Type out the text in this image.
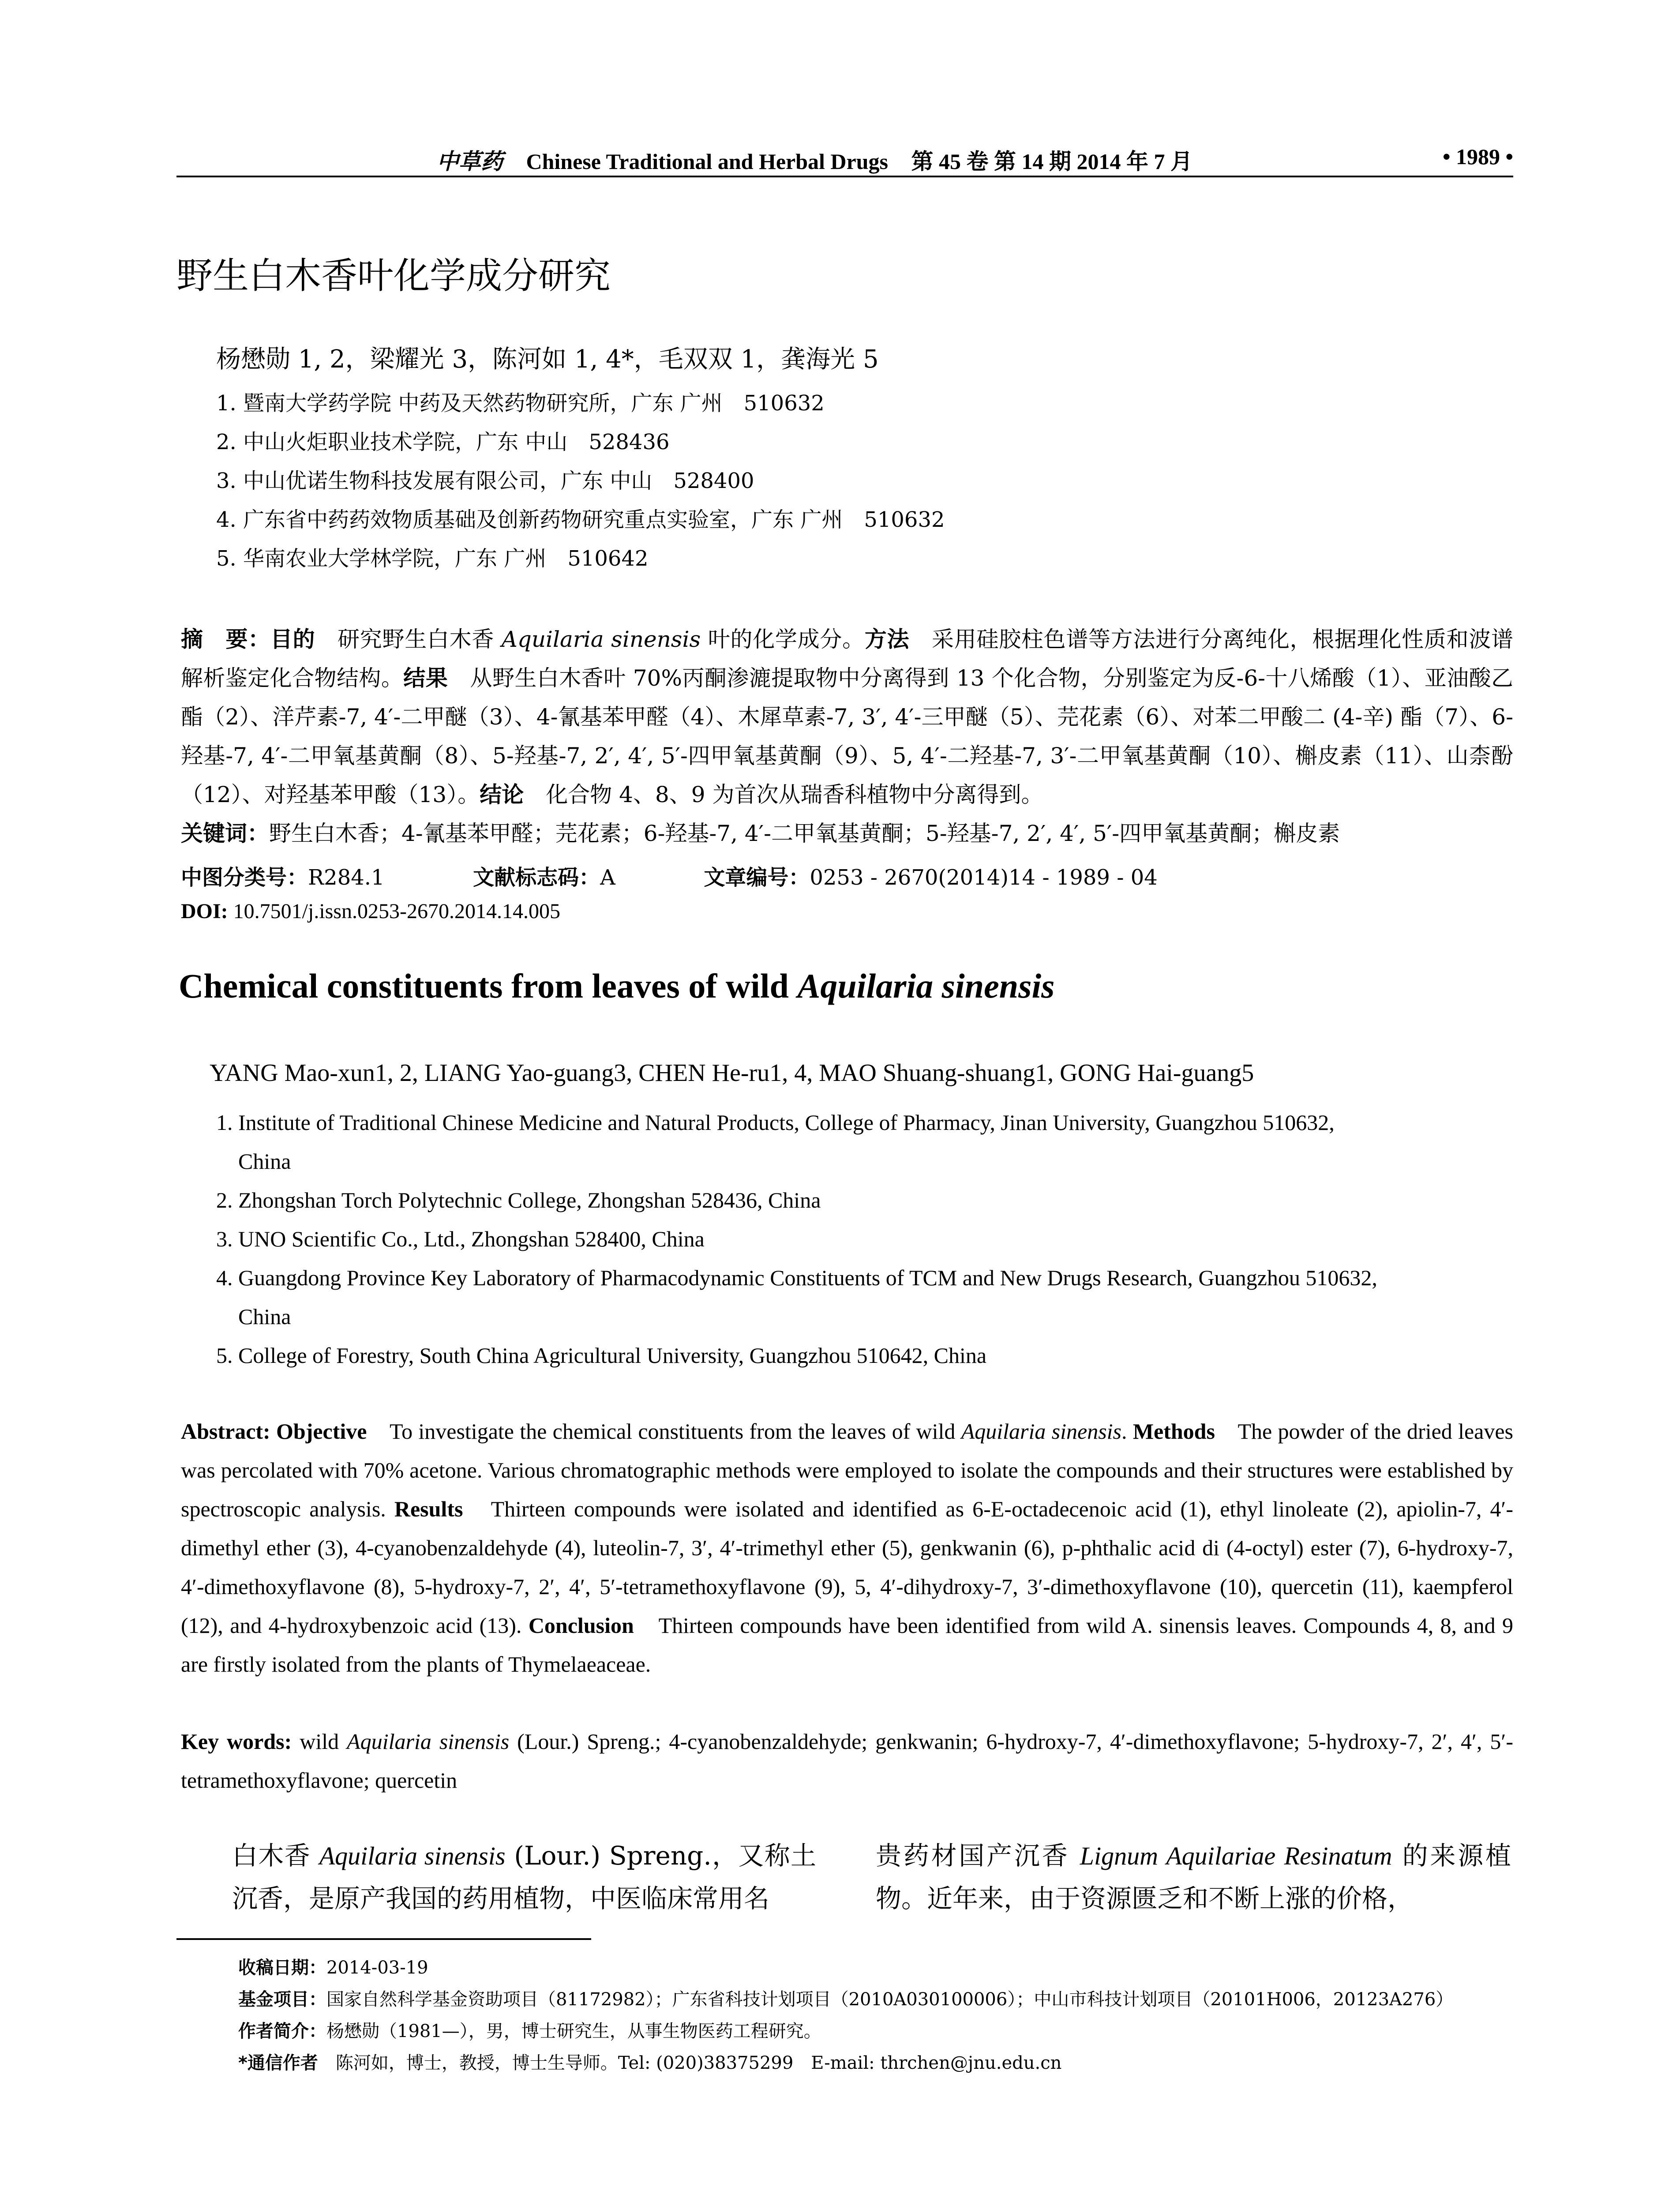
中草药 Chinese Traditional and Herbal Drugs 第 45 卷 第 14 期 2014 年 7 月	• 1989 •
野生白木香叶化学成分研究
杨懋勋 1, 2，梁耀光 3，陈河如 1, 4*，毛双双 1，龚海光 5
1. 暨南大学药学院 中药及天然药物研究所，广东 广州　510632
2. 中山火炬职业技术学院，广东 中山　528436
3. 中山优诺生物科技发展有限公司，广东 中山　528400
4. 广东省中药药效物质基础及创新药物研究重点实验室，广东 广州　510632
5. 华南农业大学林学院，广东 广州　510642
摘　要：目的　研究野生白木香 Aquilaria sinensis 叶的化学成分。方法　采用硅胶柱色谱等方法进行分离纯化，根据理化性质和波谱解析鉴定化合物结构。结果　从野生白木香叶 70%丙酮渗漉提取物中分离得到 13 个化合物，分别鉴定为反-6-十八烯酸（1）、亚油酸乙酯（2）、洋芹素-7, 4′-二甲醚（3）、4-氰基苯甲醛（4）、木犀草素-7, 3′, 4′-三甲醚（5）、芫花素（6）、对苯二甲酸二 (4-辛) 酯（7）、6-羟基-7, 4′-二甲氧基黄酮（8）、5-羟基-7, 2′, 4′, 5′-四甲氧基黄酮（9）、5, 4′-二羟基-7, 3′-二甲氧基黄酮（10）、槲皮素（11）、山柰酚（12）、对羟基苯甲酸（13）。结论　化合物 4、8、9 为首次从瑞香科植物中分离得到。
关键词：野生白木香；4-氰基苯甲醛；芫花素；6-羟基-7, 4′-二甲氧基黄酮；5-羟基-7, 2′, 4′, 5′-四甲氧基黄酮；槲皮素
中图分类号：R284.1	文献标志码：A	文章编号：0253 - 2670(2014)14 - 1989 - 04
DOI: 10.7501/j.issn.0253-2670.2014.14.005
Chemical constituents from leaves of wild Aquilaria sinensis
YANG Mao-xun1, 2, LIANG Yao-guang3, CHEN He-ru1, 4, MAO Shuang-shuang1, GONG Hai-guang5
1. Institute of Traditional Chinese Medicine and Natural Products, College of Pharmacy, Jinan University, Guangzhou 510632,
China
2. Zhongshan Torch Polytechnic College, Zhongshan 528436, China
3. UNO Scientific Co., Ltd., Zhongshan 528400, China
4. Guangdong Province Key Laboratory of Pharmacodynamic Constituents of TCM and New Drugs Research, Guangzhou 510632,
China
5. College of Forestry, South China Agricultural University, Guangzhou 510642, China
Abstract: Objective　To investigate the chemical constituents from the leaves of wild Aquilaria sinensis. Methods　The powder of the dried leaves was percolated with 70% acetone. Various chromatographic methods were employed to isolate the compounds and their structures were established by spectroscopic analysis. Results　Thirteen compounds were isolated and identified as 6-E-octadecenoic acid (1), ethyl linoleate (2), apiolin-7, 4′-dimethyl ether (3), 4-cyanobenzaldehyde (4), luteolin-7, 3′, 4′-trimethyl ether (5), genkwanin (6), p-phthalic acid di (4-octyl) ester (7), 6-hydroxy-7, 4′-dimethoxyflavone (8), 5-hydroxy-7, 2′, 4′, 5′-tetramethoxyflavone (9), 5, 4′-dihydroxy-7, 3′-dimethoxyflavone (10), quercetin (11), kaempferol (12), and 4-hydroxybenzoic acid (13). Conclusion　Thirteen compounds have been identified from wild A. sinensis leaves. Compounds 4, 8, and 9 are firstly isolated from the plants of Thymelaeaceae.
Key words: wild Aquilaria sinensis (Lour.) Spreng.; 4-cyanobenzaldehyde; genkwanin; 6-hydroxy-7, 4′-dimethoxyflavone; 5-hydroxy-7, 2′, 4′, 5′-tetramethoxyflavone; quercetin
白木香 Aquilaria sinensis (Lour.) Spreng.，又称土沉香，是原产我国的药用植物，中医临床常用名
贵药材国产沉香 Lignum Aquilariae Resinatum 的来源植物。近年来，由于资源匮乏和不断上涨的价格，
收稿日期：2014-03-19
基金项目：国家自然科学基金资助项目（81172982）；广东省科技计划项目（2010A030100006）；中山市科技计划项目（20101H006，20123A276）
作者简介：杨懋勋（1981—），男，博士研究生，从事生物医药工程研究。
*通信作者　陈河如，博士，教授，博士生导师。Tel: (020)38375299　E-mail: thrchen@jnu.edu.cn
